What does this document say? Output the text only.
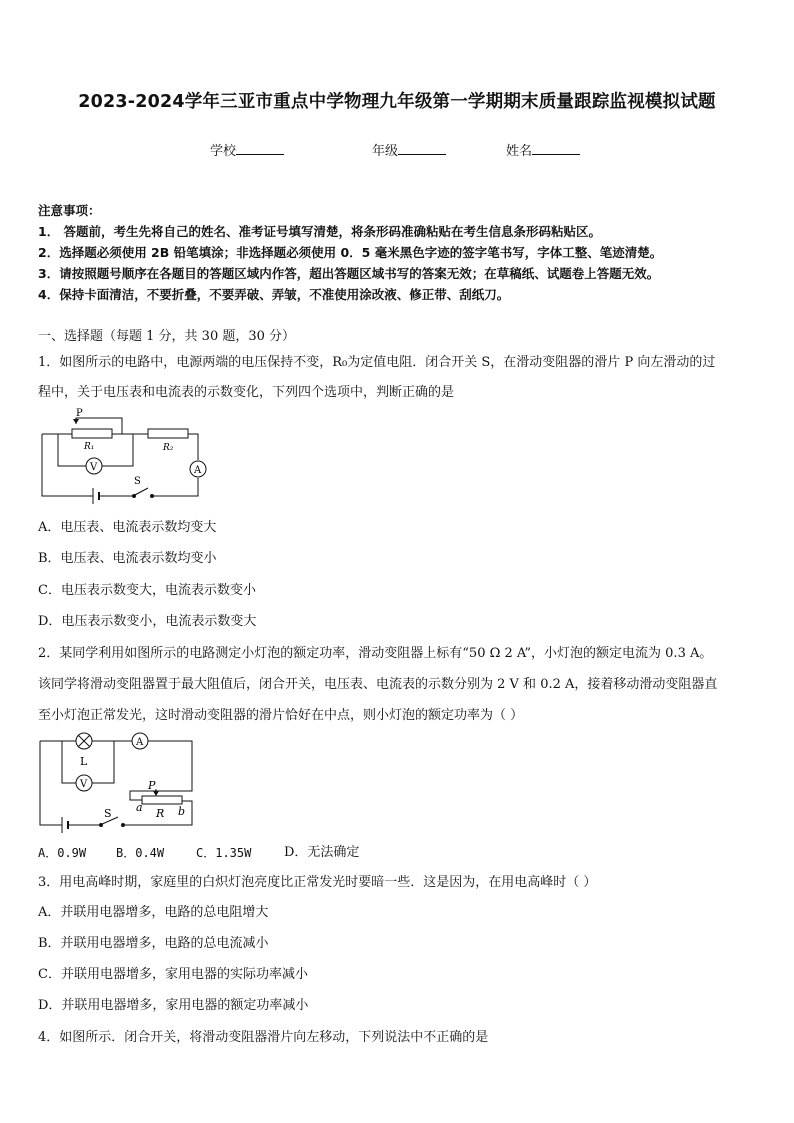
2023-2024学年三亚市重点中学物理九年级第一学期期末质量跟踪监视模拟试题
学校	年级	姓名
注意事项：
1． 答题前，考生先将自己的姓名、准考证号填写清楚，将条形码准确粘贴在考生信息条形码粘贴区。
2．选择题必须使用 2B 铅笔填涂；非选择题必须使用 0．5 毫米黑色字迹的签字笔书写，字体工整、笔迹清楚。
3．请按照题号顺序在各题目的答题区域内作答，超出答题区域书写的答案无效；在草稿纸、试题卷上答题无效。
4．保持卡面清洁，不要折叠，不要弄破、弄皱，不准使用涂改液、修正带、刮纸刀。
一、选择题（每题 1 分，共 30 题，30 分）
1．如图所示的电路中，电源两端的电压保持不变，R₀为定值电阻．闭合开关 S，在滑动变阻器的滑片 P 向左滑动的过
程中，关于电压表和电流表的示数变化，下列四个选项中，判断正确的是
P
R₁	R₂
V	A
S
A．电压表、电流表示数均变大
B．电压表、电流表示数均变小
C．电压表示数变大，电流表示数变小
D．电压表示数变小，电流表示数变大
2．某同学利用如图所示的电路测定小灯泡的额定功率，滑动变阻器上标有“50 Ω 2 A”，小灯泡的额定电流为 0.3 A。
该同学将滑动变阻器置于最大阻值后，闭合开关，电压表、电流表的示数分别为 2 V 和 0.2 A，接着移动滑动变阻器直
至小灯泡正常发光，这时滑动变阻器的滑片恰好在中点，则小灯泡的额定功率为（ ）
L
V
A
S
P
a R b
A．0.9W B．0.4W	C．1.35W	D．无法确定
3．用电高峰时期，家庭里的白炽灯泡亮度比正常发光时要暗一些．这是因为，在用电高峰时（ ）
A．并联用电器增多，电路的总电阻增大
B．并联用电器增多，电路的总电流减小
C．并联用电器增多，家用电器的实际功率减小
D．并联用电器增多，家用电器的额定功率减小
4．如图所示．闭合开关，将滑动变阻器滑片向左移动，下列说法中不正确的是
